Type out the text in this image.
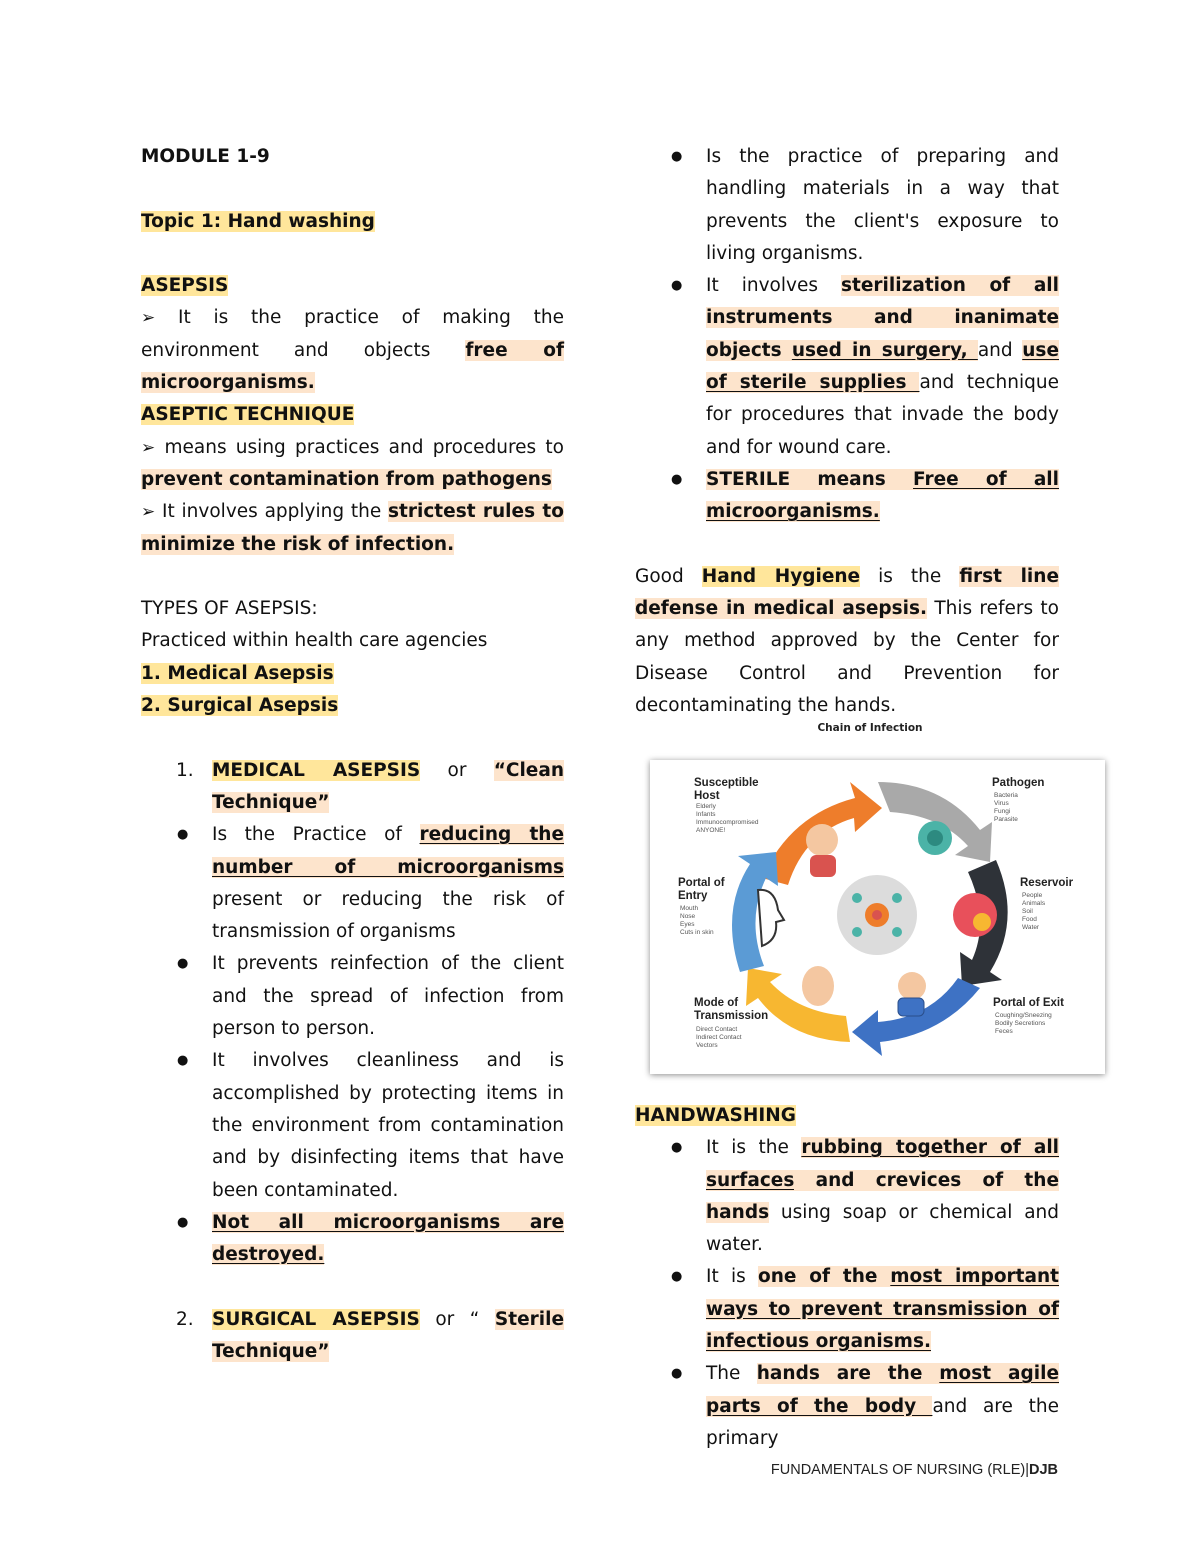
MODULE 1-9

Topic 1: Hand washing

ASEPSIS

➢ It is the practice of making the environment and objects free of microorganisms.

ASEPTIC TECHNIQUE

➢ means using practices and procedures to prevent contamination from pathogens

➢ It involves applying the strictest rules to minimize the risk of infection.

TYPES OF ASEPSIS:

Practiced within health care agencies

1. Medical Asepsis

2. Surgical Asepsis

1. MEDICAL ASEPSIS or “Clean Technique”
● Is the Practice of reducing the number of microorganisms present or reducing the risk of transmission of organisms
● It prevents reinfection of the client and the spread of infection from person to person.
● It involves cleanliness and is accomplished by protecting items in the environment from contamination and by disinfecting items that have been contaminated.
● Not all microorganisms are destroyed.
2. SURGICAL ASEPSIS or “ Sterile Technique”
● Is the practice of preparing and handling materials in a way that prevents the client's exposure to living organisms.
● It involves sterilization of all instruments and inanimate objects used in surgery, and use of sterile supplies and technique for procedures that invade the body and for wound care.
● STERILE means Free of all microorganisms.

Good Hand Hygiene is the first line defense in medical asepsis. This refers to any method approved by the Center for Disease Control and Prevention for decontaminating the hands.

Chain of Infection
Susceptible Host
Elderly
Infants
Immunocompromised
ANYONE!
Pathogen
Bacteria
Virus
Fungi
Parasite
Reservoir
People
Animals
Soil
Food
Water
Portal of Exit
Coughing/Sneezing
Bodily Secretions
Feces
Mode of Transmission
Direct Contact
Indirect Contact
Vectors
Portal of Entry
Mouth
Nose
Eyes
Cuts in skin

HANDWASHING

● It is the rubbing together of all surfaces and crevices of the hands using soap or chemical and water.
● It is one of the most important ways to prevent transmission of infectious organisms.
● The hands are the most agile parts of the body and are the primary
FUNDAMENTALS OF NURSING (RLE)|DJB
